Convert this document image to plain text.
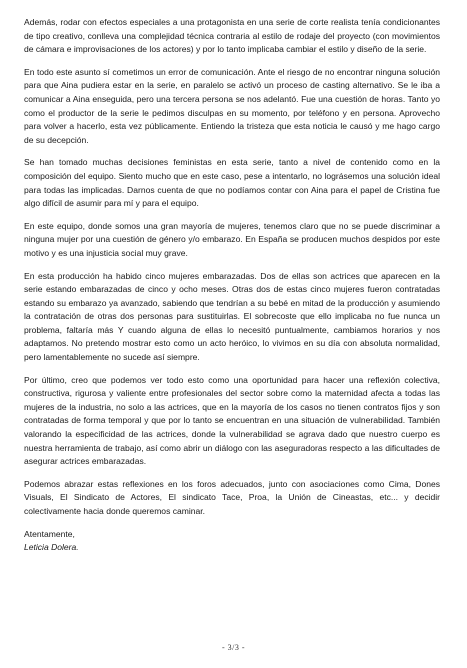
Además, rodar con efectos especiales a una protagonista en una serie de corte realista tenía condicionantes de tipo creativo, conlleva una complejidad técnica contraria al estilo de rodaje del proyecto (con movimientos de cámara e improvisaciones de los actores) y por lo tanto implicaba cambiar el estilo y diseño de la serie.

En todo este asunto sí cometimos un error de comunicación. Ante el riesgo de no encontrar ninguna solución para que Aina pudiera estar en la serie, en paralelo se activó un proceso de casting alternativo. Se le iba a comunicar a Aina enseguida, pero una tercera persona se nos adelantó. Fue una cuestión de horas. Tanto yo como el productor de la serie le pedimos disculpas en su momento, por teléfono y en persona. Aprovecho para volver a hacerlo, esta vez públicamente. Entiendo la tristeza que esta noticia le causó y me hago cargo de su decepción.

Se han tomado muchas decisiones feministas en esta serie, tanto a nivel de contenido como en la composición del equipo. Siento mucho que en este caso, pese a intentarlo, no lográsemos una solución ideal para todas las implicadas. Darnos cuenta de que no podíamos contar con Aina para el papel de Cristina fue algo difícil de asumir para mí y para el equipo.

En este equipo, donde somos una gran mayoría de mujeres, tenemos claro que no se puede discriminar a ninguna mujer por una cuestión de género y/o embarazo. En España se producen muchos despidos por este motivo y es una injusticia social muy grave.

En esta producción ha habido cinco mujeres embarazadas. Dos de ellas son actrices que aparecen en la serie estando embarazadas de cinco y ocho meses. Otras dos de estas cinco mujeres fueron contratadas estando su embarazo ya avanzado, sabiendo que tendrían a su bebé en mitad de la producción y asumiendo la contratación de otras dos personas para sustituirlas. El sobrecoste que ello implicaba no fue nunca un problema, faltaría más Y cuando alguna de ellas lo necesitó puntualmente, cambiamos horarios y nos adaptamos. No pretendo mostrar esto como un acto heróico, lo vivimos en su día con absoluta normalidad, pero lamentablemente no sucede así siempre.

Por último, creo que podemos ver todo esto como una oportunidad para hacer una reflexión colectiva, constructiva, rigurosa y valiente entre profesionales del sector sobre como la maternidad afecta a todas las mujeres de la industria, no solo a las actrices, que en la mayoría de los casos no tienen contratos fijos y son contratadas de forma temporal y que por lo tanto se encuentran en una situación de vulnerabilidad. También valorando la especificidad de las actrices, donde la vulnerabilidad se agrava dado que nuestro cuerpo es nuestra herramienta de trabajo, así como abrir un diálogo con las aseguradoras respecto a las dificultades de asegurar actrices embarazadas.

Podemos abrazar estas reflexiones en los foros adecuados, junto con asociaciones como Cima, Dones Visuals, El Sindicato de Actores, El sindicato Tace, Proa, la Unión de Cineastas, etc... y decidir colectivamente hacia donde queremos caminar.

Atentamente,
Leticia Dolera.
- 3/3 -
